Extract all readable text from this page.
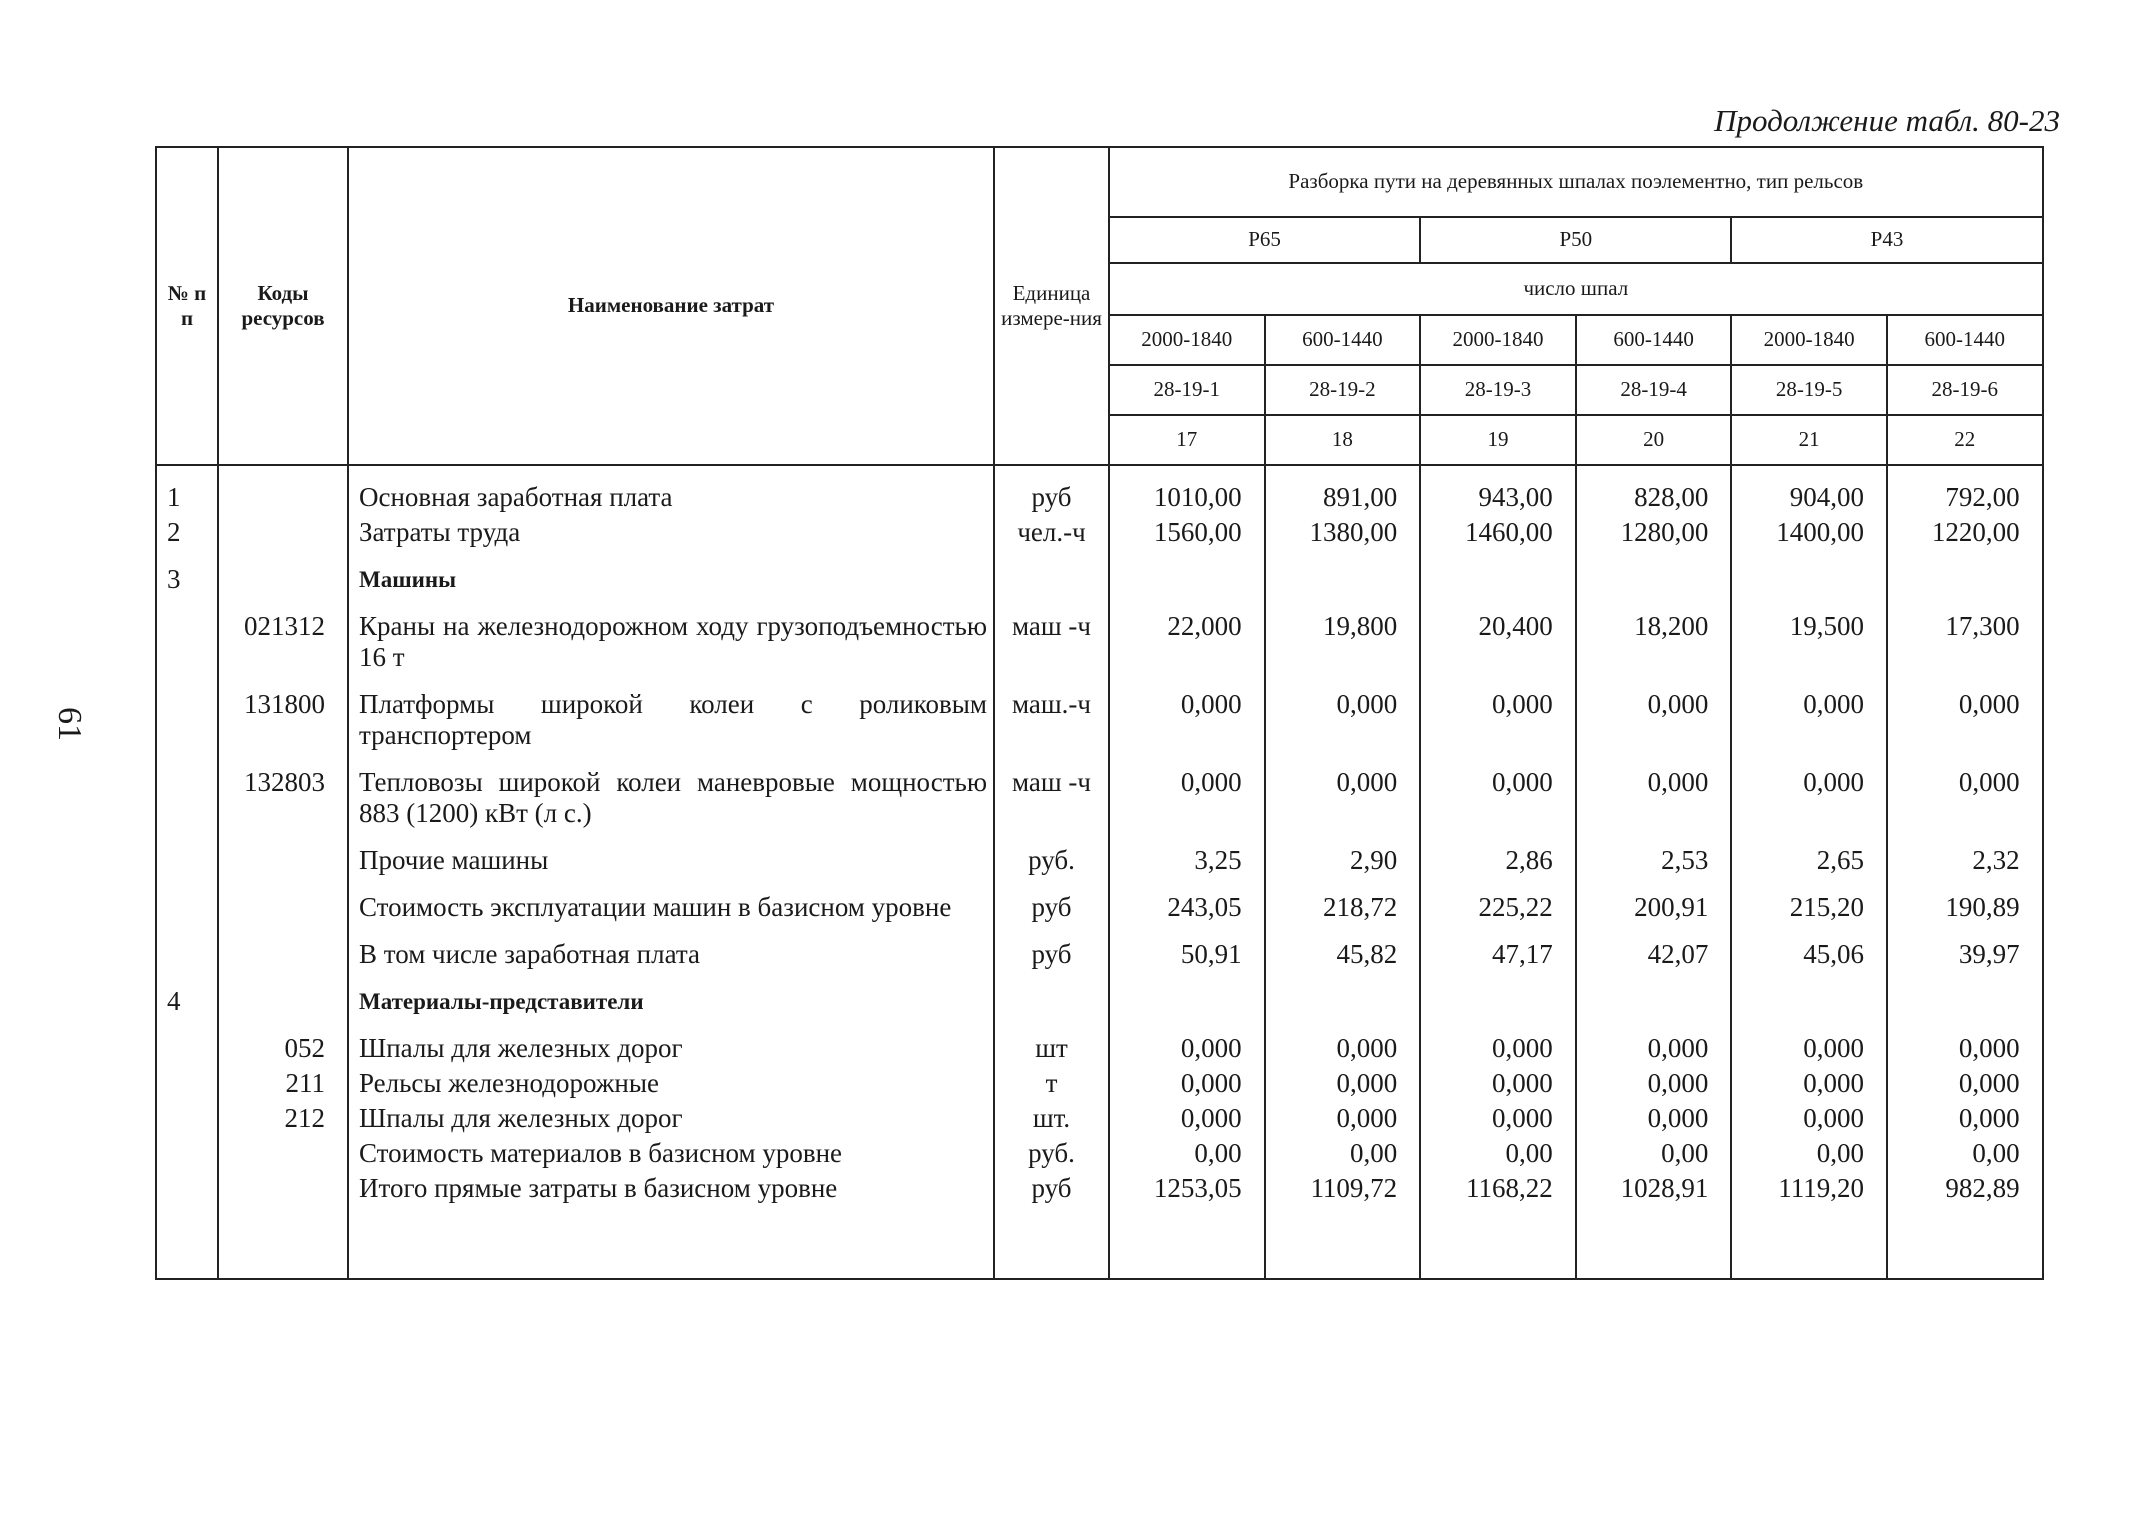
Продолжение табл. 80-23
61
№ п п	Коды ресурсов	Наименование затрат	Единица измере-ния	Разборка пути на деревянных шпалах поэлементно, тип рельсов					
				Р65		Р50		Р43	
				число шпал					
				2000-1840	600-1440	2000-1840	600-1440	2000-1840	600-1440
				28-19-1	28-19-2	28-19-3	28-19-4	28-19-5	28-19-6
				17	18	19	20	21	22
1		Основная заработная плата	руб	1010,00	891,00	943,00	828,00	904,00	792,00
2		Затраты труда	чел.-ч	1560,00	1380,00	1460,00	1280,00	1400,00	1220,00
3		Машины							
	021312	Краны на железнодорожном ходу грузоподъемностью 16 т	маш -ч	22,000	19,800	20,400	18,200	19,500	17,300
	131800	Платформы широкой колеи с роликовым транспортером	маш.-ч	0,000	0,000	0,000	0,000	0,000	0,000
	132803	Тепловозы широкой колеи маневровые мощностью 883 (1200) кВт (л с.)	маш -ч	0,000	0,000	0,000	0,000	0,000	0,000
		Прочие машины	руб.	3,25	2,90	2,86	2,53	2,65	2,32
		Стоимость эксплуатации машин в базисном уровне	руб	243,05	218,72	225,22	200,91	215,20	190,89
		В том числе заработная плата	руб	50,91	45,82	47,17	42,07	45,06	39,97
4		Материалы-представители							
	052	Шпалы для железных дорог	шт	0,000	0,000	0,000	0,000	0,000	0,000
	211	Рельсы железнодорожные	т	0,000	0,000	0,000	0,000	0,000	0,000
	212	Шпалы для железных дорог	шт.	0,000	0,000	0,000	0,000	0,000	0,000
		Стоимость материалов в базисном уровне	руб.	0,00	0,00	0,00	0,00	0,00	0,00
		Итого прямые затраты в базисном уровне	руб	1253,05	1109,72	1168,22	1028,91	1119,20	982,89
